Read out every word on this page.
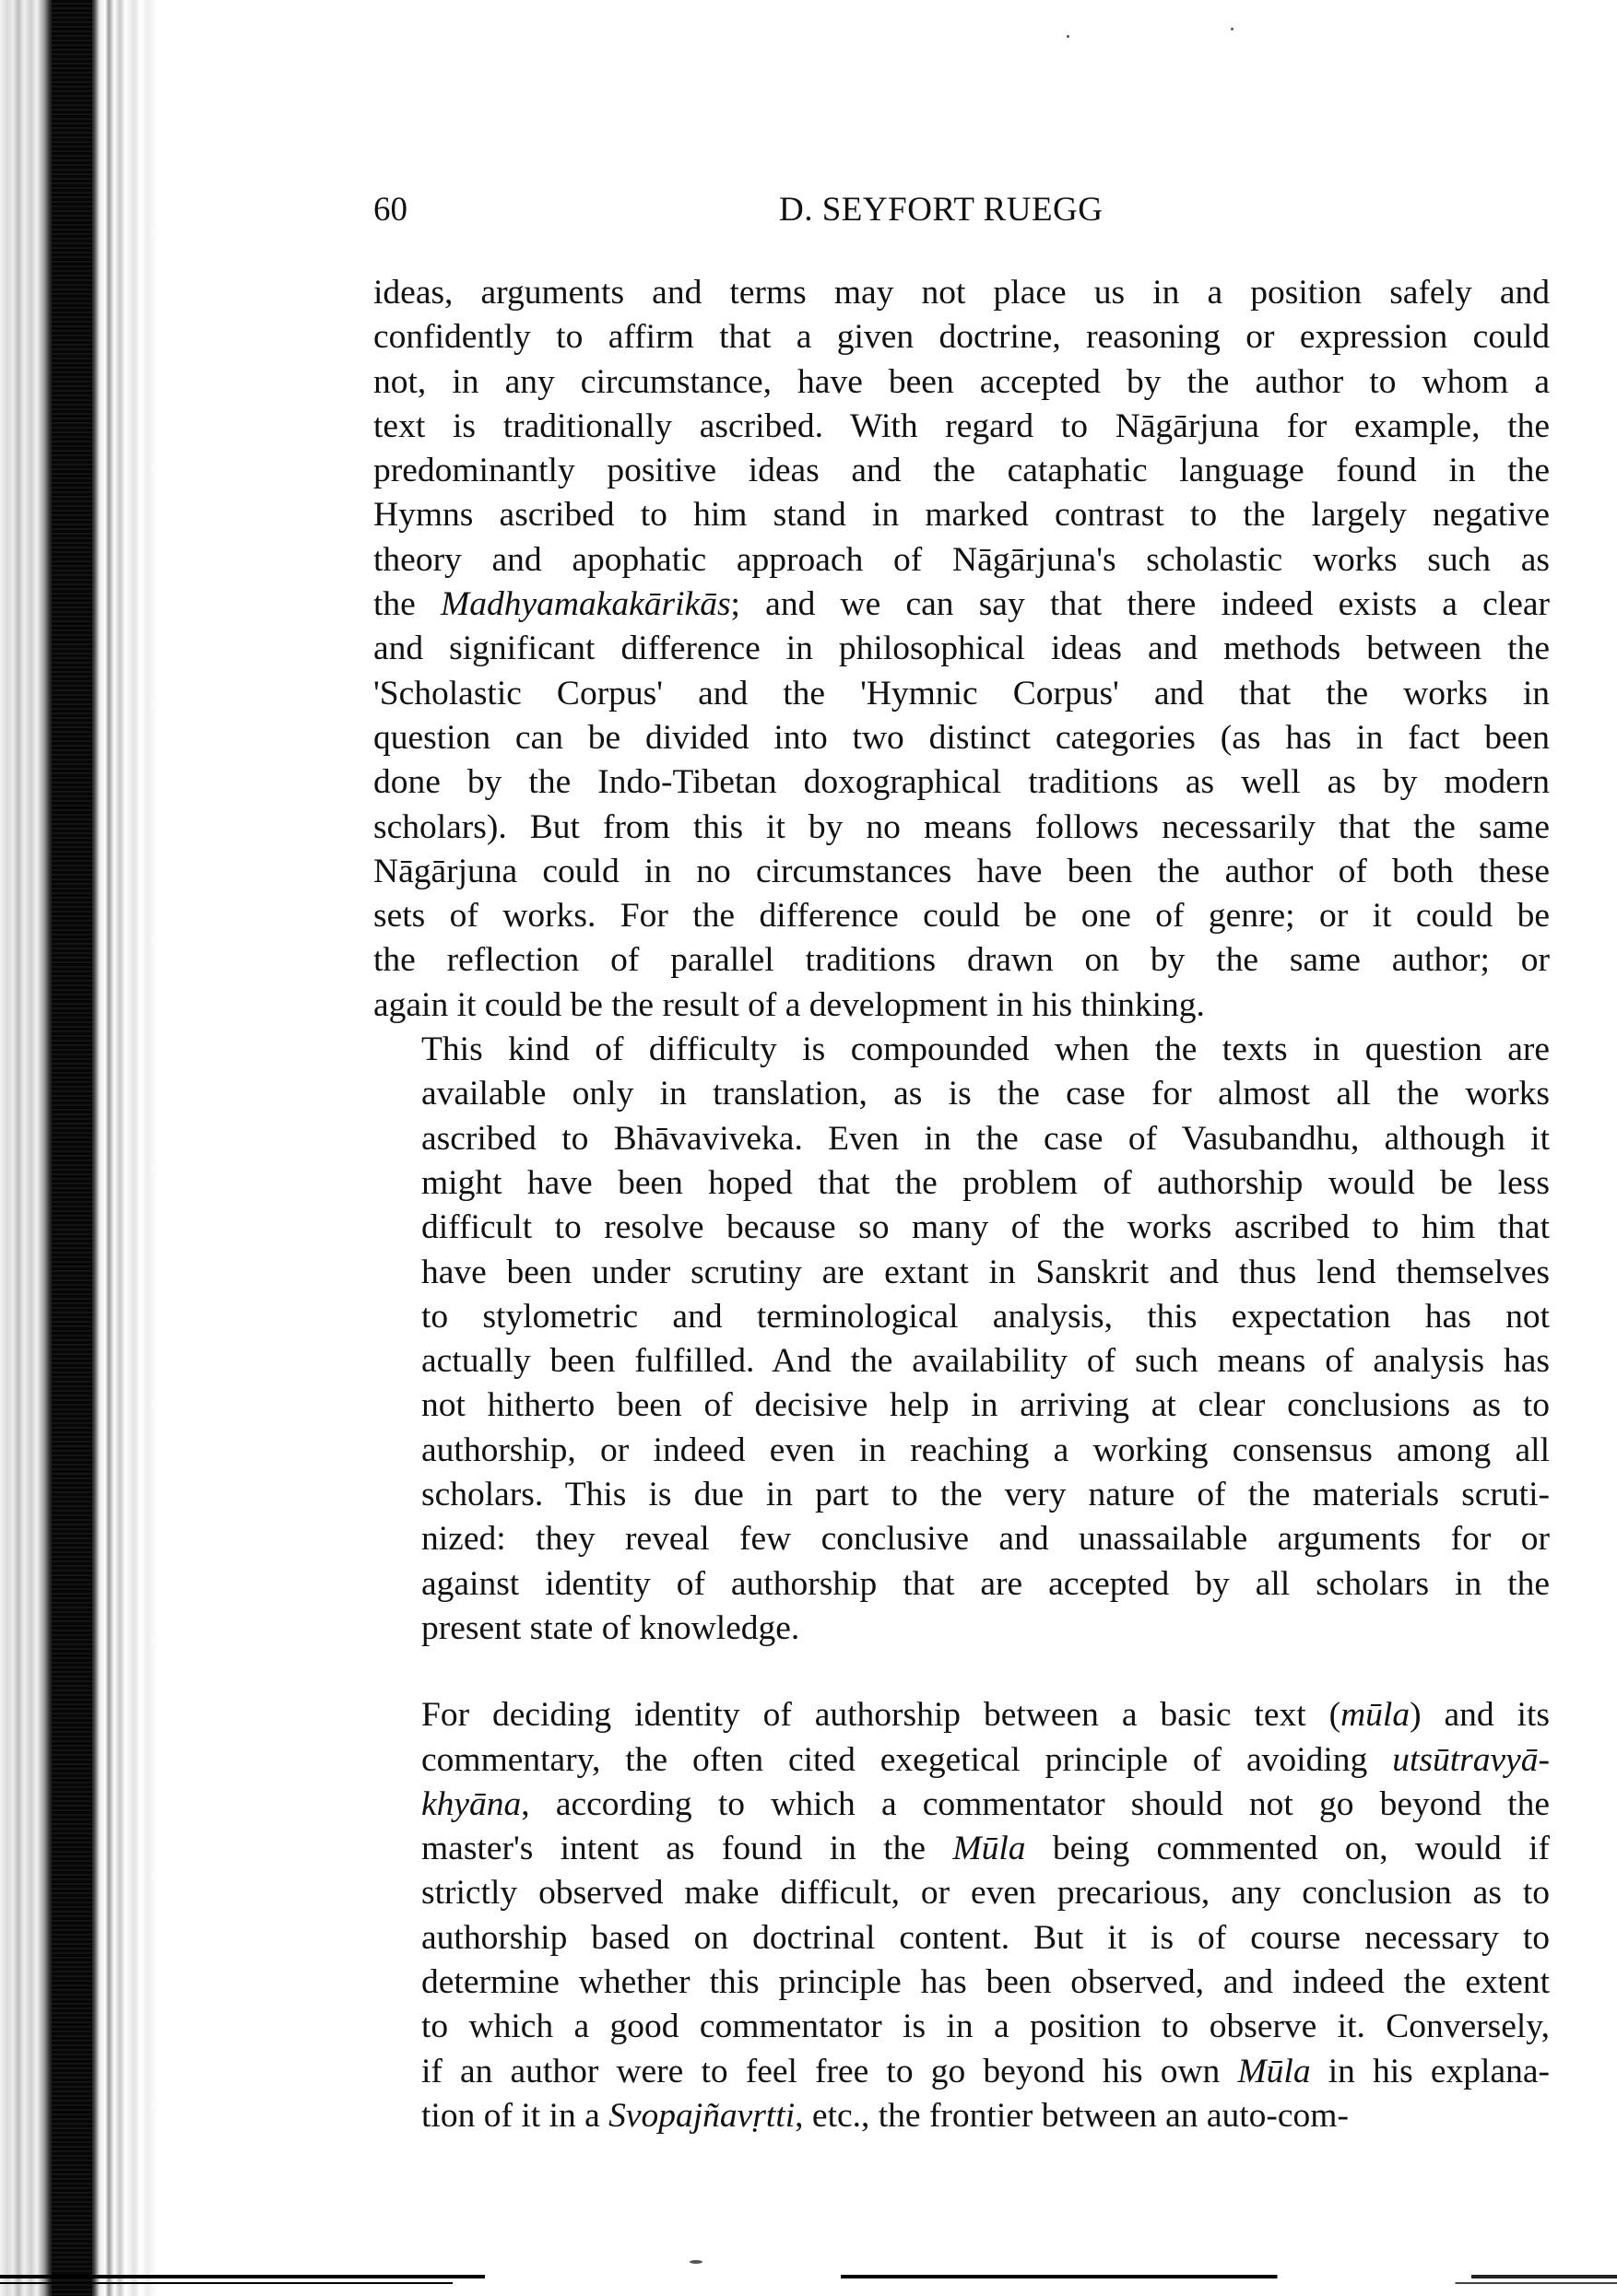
60	D. SEYFORT RUEGG
ideas, arguments and terms may not place us in a position safely and
confidently to affirm that a given doctrine, reasoning or expression could
not, in any circumstance, have been accepted by the author to whom a
text is traditionally ascribed. With regard to Nāgārjuna for example, the
predominantly positive ideas and the cataphatic language found in the
Hymns ascribed to him stand in marked contrast to the largely negative
theory and apophatic approach of Nāgārjuna's scholastic works such as
the Madhyamakakārikās; and we can say that there indeed exists a clear
and significant difference in philosophical ideas and methods between the
'Scholastic Corpus' and the 'Hymnic Corpus' and that the works in
question can be divided into two distinct categories (as has in fact been
done by the Indo-Tibetan doxographical traditions as well as by modern
scholars). But from this it by no means follows necessarily that the same
Nāgārjuna could in no circumstances have been the author of both these
sets of works. For the difference could be one of genre; or it could be
the reflection of parallel traditions drawn on by the same author; or
again it could be the result of a development in his thinking.
This kind of difficulty is compounded when the texts in question are
available only in translation, as is the case for almost all the works
ascribed to Bhāvaviveka. Even in the case of Vasubandhu, although it
might have been hoped that the problem of authorship would be less
difficult to resolve because so many of the works ascribed to him that
have been under scrutiny are extant in Sanskrit and thus lend themselves
to stylometric and terminological analysis, this expectation has not
actually been fulfilled. And the availability of such means of analysis has
not hitherto been of decisive help in arriving at clear conclusions as to
authorship, or indeed even in reaching a working consensus among all
scholars. This is due in part to the very nature of the materials scruti-
nized: they reveal few conclusive and unassailable arguments for or
against identity of authorship that are accepted by all scholars in the
present state of knowledge.
For deciding identity of authorship between a basic text (mūla) and its
commentary, the often cited exegetical principle of avoiding utsūtravyā-
khyāna, according to which a commentator should not go beyond the
master's intent as found in the Mūla being commented on, would if
strictly observed make difficult, or even precarious, any conclusion as to
authorship based on doctrinal content. But it is of course necessary to
determine whether this principle has been observed, and indeed the extent
to which a good commentator is in a position to observe it. Conversely,
if an author were to feel free to go beyond his own Mūla in his explana-
tion of it in a Svopajñavṛtti, etc., the frontier between an auto-com-
